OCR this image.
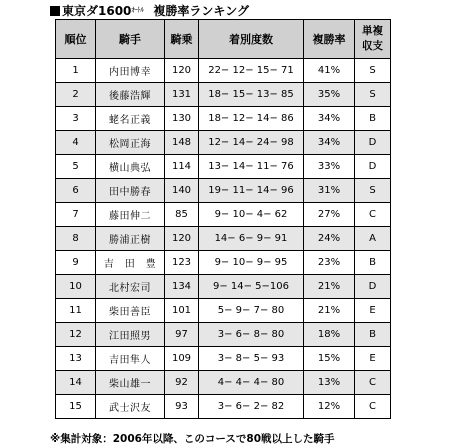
東京ダ$1600^{ｵｰﾄﾙ}$ 複勝率ランキング
順位	騎手	騎乗	着別度数	複勝率	単複
収支

1	内田博幸	120	22− 12− 15− 71	41%	S
2	後藤浩輝	131	18− 15− 13− 85	35%	S
3	蛯名正義	130	18− 12− 14− 86	34%	B
4	松岡正海	148	12− 14− 24− 98	34%	D
5	横山典弘	114	13− 14− 11− 76	33%	D
6	田中勝春	140	19− 11− 14− 96	31%	S
7	藤田伸二	85	9− 10− 4− 62	27%	C
8	勝浦正樹	120	14− 6− 9− 91	24%	A
9	吉　田　豊	123	9− 10− 9− 95	23%	B
10	北村宏司	134	9− 14− 5−106	21%	D
11	柴田善臣	101	5− 9− 7− 80	21%	E
12	江田照男	97	3− 6− 8− 80	18%	B
13	吉田隼人	109	3− 8− 5− 93	15%	E
14	柴山雄一	92	4− 4− 4− 80	13%	C
15	武士沢友	93	3− 6− 2− 82	12%	C
※集計対象：2006年以降、このコースで80戦以上した騎手
